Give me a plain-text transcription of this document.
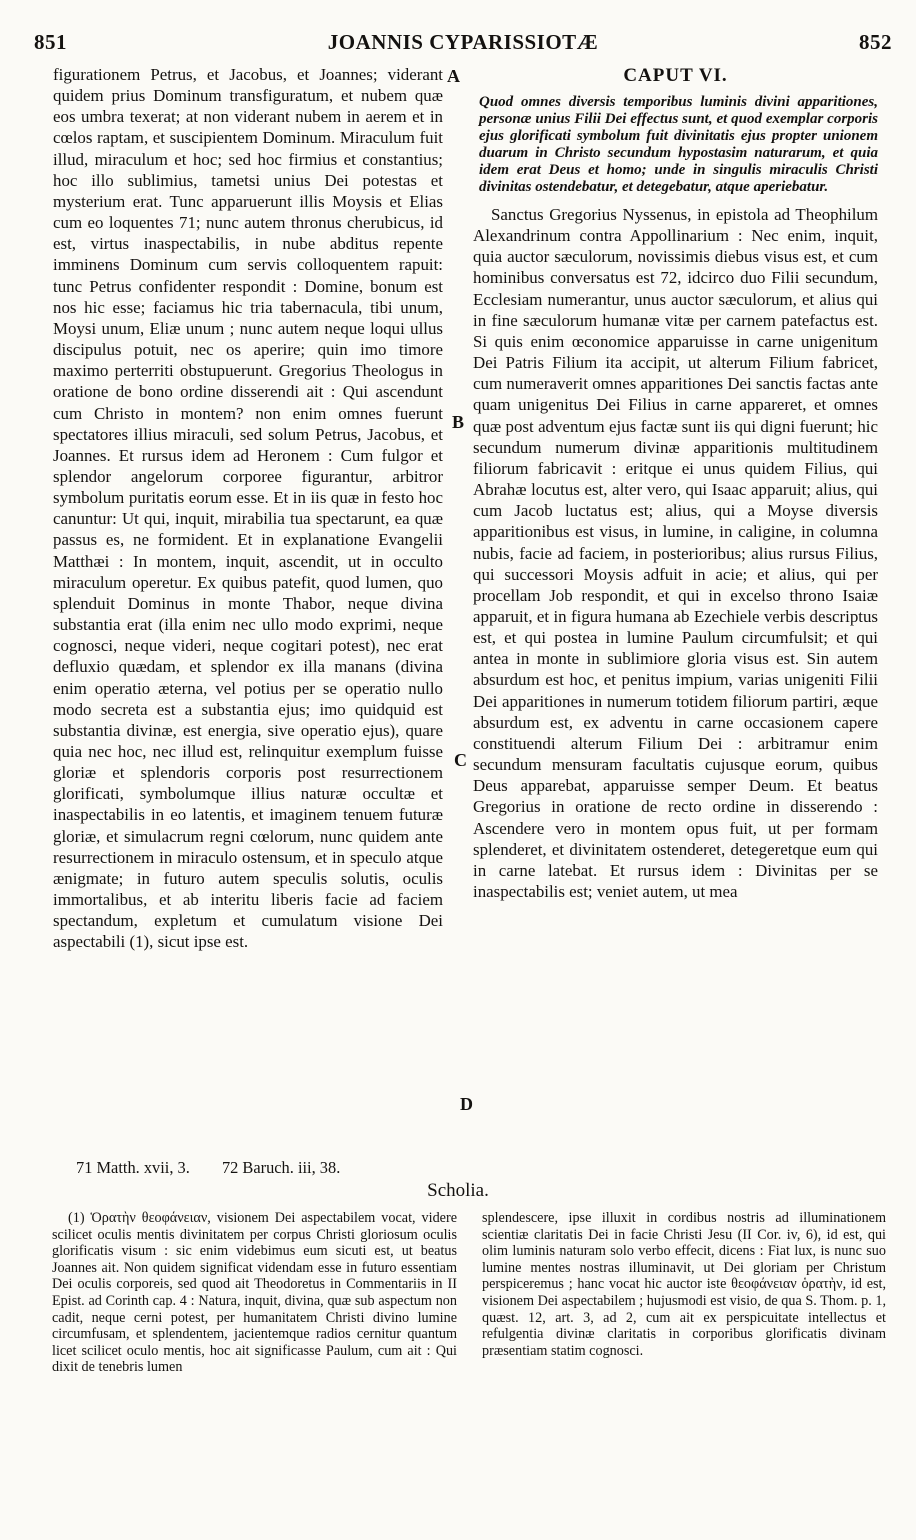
851	JOANNIS CYPARISSIOTÆ	852

figurationem Petrus, et Jacobus, et Joannes; viderant quidem prius Dominum transfiguratum, et nubem quæ eos umbra texerat; at non viderant nubem in aerem et in cœlos raptam, et suscipientem Dominum. Miraculum fuit illud, miraculum et hoc; sed hoc firmius et constantius; hoc illo sublimius, tametsi unius Dei potestas et mysterium erat. Tunc apparuerunt illis Moysis et Elias cum eo loquentes 71; nunc autem thronus cherubicus, id est, virtus inaspectabilis, in nube abditus repente imminens Dominum cum servis colloquentem rapuit: tunc Petrus confidenter respondit : Domine, bonum est nos hic esse; faciamus hic tria tabernacula, tibi unum, Moysi unum, Eliæ unum ; nunc autem neque loqui ullus discipulus potuit, nec os aperire; quin imo timore maximo perterriti obstupuerunt. Gregorius Theologus in oratione de bono ordine disserendi ait : Qui ascendunt cum Christo in montem? non enim omnes fuerunt spectatores illius miraculi, sed solum Petrus, Jacobus, et Joannes. Et rursus idem ad Heronem : Cum fulgor et splendor angelorum corporee figurantur, arbitror symbolum puritatis eorum esse. Et in iis quæ in festo hoc canuntur: Ut qui, inquit, mirabilia tua spectarunt, ea quæ passus es, ne formident. Et in explanatione Evangelii Matthæi : In montem, inquit, ascendit, ut in occulto miraculum operetur. Ex quibus patefit, quod lumen, quo splenduit Dominus in monte Thabor, neque divina substantia erat (illa enim nec ullo modo exprimi, neque cognosci, neque videri, neque cogitari potest), nec erat defluxio quædam, et splendor ex illa manans (divina enim operatio æterna, vel potius per se operatio nullo modo secreta est a substantia ejus; imo quidquid est substantia divinæ, est energia, sive operatio ejus), quare quia nec hoc, nec illud est, relinquitur exemplum fuisse gloriæ et splendoris corporis post resurrectionem glorificati, symbolumque illius naturæ occultæ et inaspectabilis in eo latentis, et imaginem tenuem futuræ gloriæ, et simulacrum regni cœlorum, nunc quidem ante resurrectionem in miraculo ostensum, et in speculo atque ænigmate; in futuro autem speculis solutis, oculis immortalibus, et ab interitu liberis facie ad faciem spectandum, expletum et cumulatum visione Dei aspectabili (1), sicut ipse est.

A
B
C
D
CAPUT VI.
Quod omnes diversis temporibus luminis divini apparitiones, personæ unius Filii Dei effectus sunt, et quod exemplar corporis ejus glorificati symbolum fuit divinitatis ejus propter unionem duarum in Christo secundum hypostasim naturarum, et quia idem erat Deus et homo; unde in singulis miraculis Christi divinitas ostendebatur, et detegebatur, atque aperiebatur.

Sanctus Gregorius Nyssenus, in epistola ad Theophilum Alexandrinum contra Appollinarium : Nec enim, inquit, quia auctor sæculorum, novissimis diebus visus est, et cum hominibus conversatus est 72, idcirco duo Filii secundum, Ecclesiam numerantur, unus auctor sæculorum, et alius qui in fine sæculorum humanæ vitæ per carnem patefactus est. Si quis enim œconomice apparuisse in carne unigenitum Dei Patris Filium ita accipit, ut alterum Filium fabricet, cum numeraverit omnes apparitiones Dei sanctis factas ante quam unigenitus Dei Filius in carne appareret, et omnes quæ post adventum ejus factæ sunt iis qui digni fuerunt; hic secundum numerum divinæ apparitionis multitudinem filiorum fabricavit : eritque ei unus quidem Filius, qui Abrahæ locutus est, alter vero, qui Isaac apparuit; alius, qui cum Jacob luctatus est; alius, qui a Moyse diversis apparitionibus est visus, in lumine, in caligine, in columna nubis, facie ad faciem, in posterioribus; alius rursus Filius, qui successori Moysis adfuit in acie; et alius, qui per procellam Job respondit, et qui in excelso throno Isaiæ apparuit, et in figura humana ab Ezechiele verbis descriptus est, et qui postea in lumine Paulum circumfulsit; et qui antea in monte in sublimiore gloria visus est. Sin autem absurdum est hoc, et penitus impium, varias unigeniti Filii Dei apparitiones in numerum totidem filiorum partiri, æque absurdum est, ex adventu in carne occasionem capere constituendi alterum Filium Dei : arbitramur enim secundum mensuram facultatis cujusque eorum, quibus Deus apparebat, apparuisse semper Deum. Et beatus Gregorius in oratione de recto ordine in disserendo : Ascendere vero in montem opus fuit, ut per formam splenderet, et divinitatem ostenderet, detegeretque eum qui in carne latebat. Et rursus idem : Divinitas per se inaspectabilis est; veniet autem, ut mea

71 Matth. xvii, 3. 72 Baruch. iii, 38.
Scholia.

(1) Ὁρατὴν θεοφάνειαν, visionem Dei aspectabilem vocat, videre scilicet oculis mentis divinitatem per corpus Christi gloriosum oculis glorificatis visum : sic enim videbimus eum sicuti est, ut beatus Joannes ait. Non quidem significat videndam esse in futuro essentiam Dei oculis corporeis, sed quod ait Theodoretus in Commentariis in II Epist. ad Corinth cap. 4 : Natura, inquit, divina, quæ sub aspectum non cadit, neque cerni potest, per humanitatem Christi divino lumine circumfusam, et splendentem, jacientemque radios cernitur quantum licet scilicet oculo mentis, hoc ait significasse Paulum, cum ait : Qui dixit de tenebris lumen

splendescere, ipse illuxit in cordibus nostris ad illuminationem scientiæ claritatis Dei in facie Christi Jesu (II Cor. iv, 6), id est, qui olim luminis naturam solo verbo effecit, dicens : Fiat lux, is nunc suo lumine mentes nostras illuminavit, ut Dei gloriam per Christum perspiceremus ; hanc vocat hic auctor iste θεοφάνειαν ὁρατὴν, id est, visionem Dei aspectabilem ; hujusmodi est visio, de qua S. Thom. p. 1, quæst. 12, art. 3, ad 2, cum ait ex perspicuitate intellectus et refulgentia divinæ claritatis in corporibus glorificatis divinam præsentiam statim cognosci.
